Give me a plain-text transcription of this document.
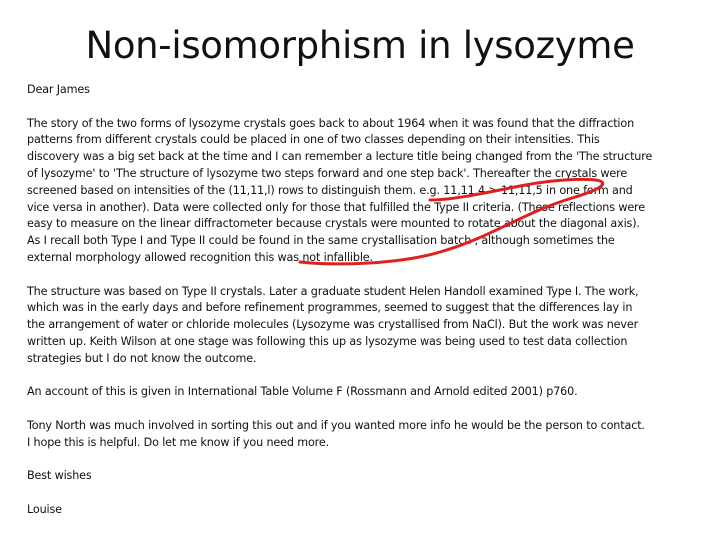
Non-isomorphism in lysozyme

Dear James

The story of the two forms of lysozyme crystals goes back to about 1964 when it was found that the diffraction

patterns from different crystals could be placed in one of two classes depending on their intensities. This

discovery was a big set back at the time and I can remember a lecture title being changed from the 'The structure

of lysozyme' to 'The structure of lysozyme two steps forward and one step back'. Thereafter the crystals were

screened based on intensities of the (11,11,l) rows to distinguish them. e.g. 11,11,4 > 11,11,5 in one form and

vice versa in another). Data were collected only for those that fulfilled the Type II criteria. (These reflections were

easy to measure on the linear diffractometer because crystals were mounted to rotate about the diagonal axis).

As I recall both Type I and Type II could be found in the same crystallisation batch , although sometimes the

external morphology allowed recognition this was not infallible.

The structure was based on Type II crystals. Later a graduate student Helen Handoll examined Type I. The work,

which was in the early days and before refinement programmes, seemed to suggest that the differences lay in

the arrangement of water or chloride molecules (Lysozyme was crystallised from NaCl). But the work was never

written up. Keith Wilson at one stage was following this up as lysozyme was being used to test data collection

strategies but I do not know the outcome.

An account of this is given in International Table Volume F (Rossmann and Arnold edited 2001) p760.

Tony North was much involved in sorting this out and if you wanted more info he would be the person to contact.

I hope this is helpful. Do let me know if you need more.

Best wishes

Louise
